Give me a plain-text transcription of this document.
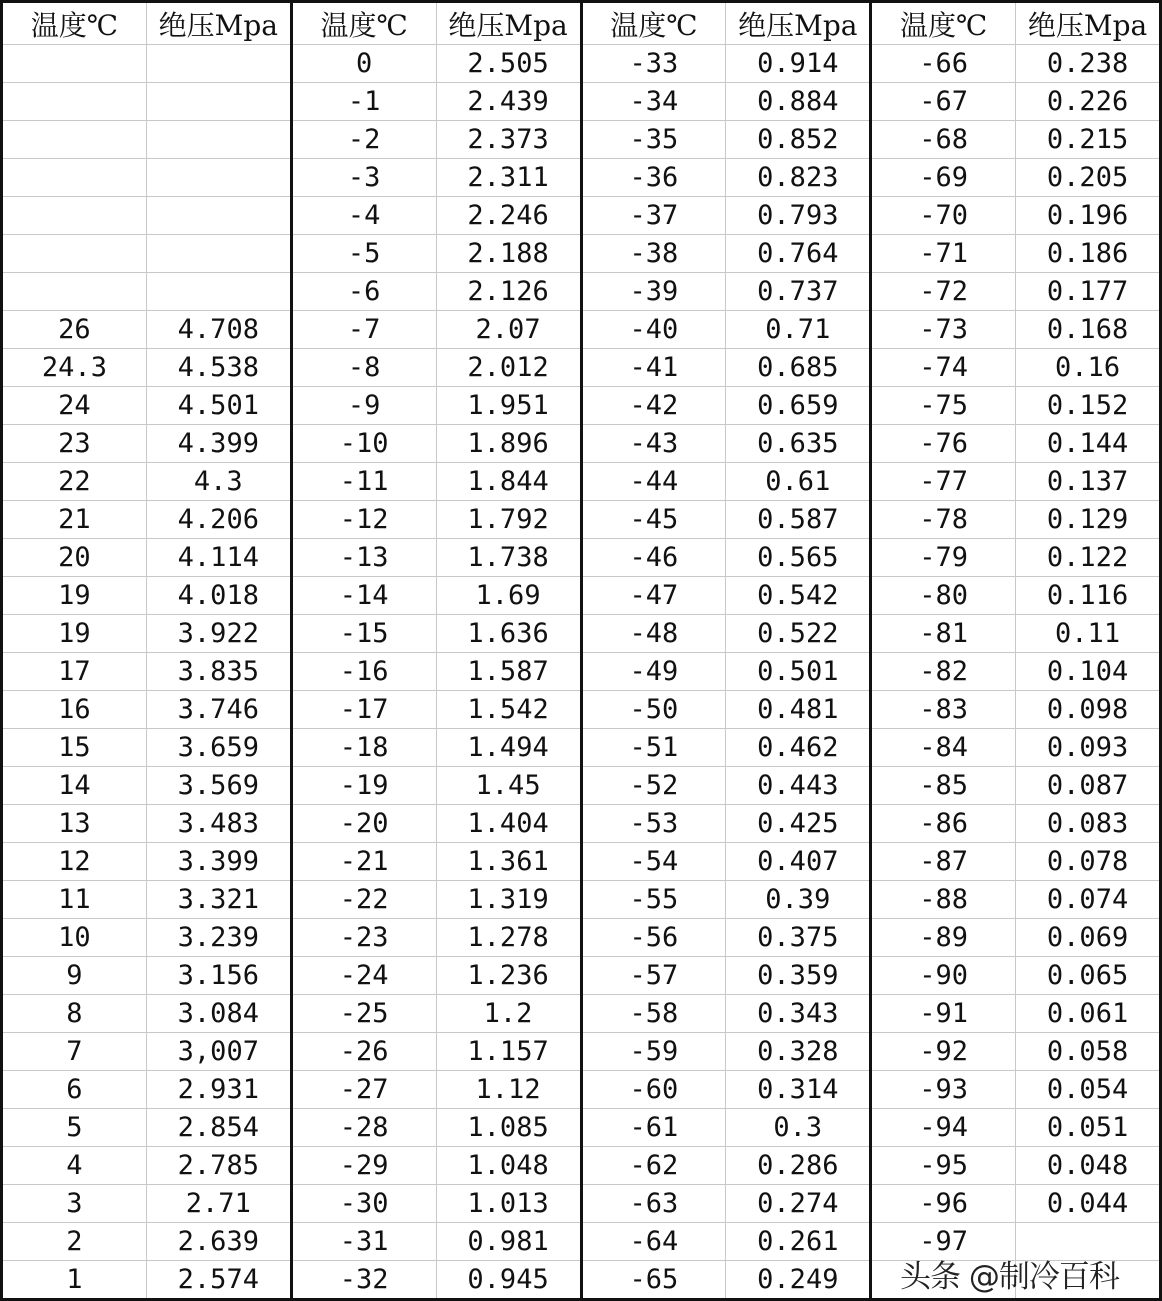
温度℃	绝压Mpa	温度℃	绝压Mpa	温度℃	绝压Mpa	温度℃	绝压Mpa
		0	2.505	-33	0.914	-66	0.238
		-1	2.439	-34	0.884	-67	0.226
		-2	2.373	-35	0.852	-68	0.215
		-3	2.311	-36	0.823	-69	0.205
		-4	2.246	-37	0.793	-70	0.196
		-5	2.188	-38	0.764	-71	0.186
		-6	2.126	-39	0.737	-72	0.177
26	4.708	-7	2.07	-40	0.71	-73	0.168
24.3	4.538	-8	2.012	-41	0.685	-74	0.16
24	4.501	-9	1.951	-42	0.659	-75	0.152
23	4.399	-10	1.896	-43	0.635	-76	0.144
22	4.3	-11	1.844	-44	0.61	-77	0.137
21	4.206	-12	1.792	-45	0.587	-78	0.129
20	4.114	-13	1.738	-46	0.565	-79	0.122
19	4.018	-14	1.69	-47	0.542	-80	0.116
19	3.922	-15	1.636	-48	0.522	-81	0.11
17	3.835	-16	1.587	-49	0.501	-82	0.104
16	3.746	-17	1.542	-50	0.481	-83	0.098
15	3.659	-18	1.494	-51	0.462	-84	0.093
14	3.569	-19	1.45	-52	0.443	-85	0.087
13	3.483	-20	1.404	-53	0.425	-86	0.083
12	3.399	-21	1.361	-54	0.407	-87	0.078
11	3.321	-22	1.319	-55	0.39	-88	0.074
10	3.239	-23	1.278	-56	0.375	-89	0.069
9	3.156	-24	1.236	-57	0.359	-90	0.065
8	3.084	-25	1.2	-58	0.343	-91	0.061
7	3,007	-26	1.157	-59	0.328	-92	0.058
6	2.931	-27	1.12	-60	0.314	-93	0.054
5	2.854	-28	1.085	-61	0.3	-94	0.051
4	2.785	-29	1.048	-62	0.286	-95	0.048
3	2.71	-30	1.013	-63	0.274	-96	0.044
2	2.639	-31	0.981	-64	0.261	-97	
1	2.574	-32	0.945	-65	0.249		头条 @制冷百科
